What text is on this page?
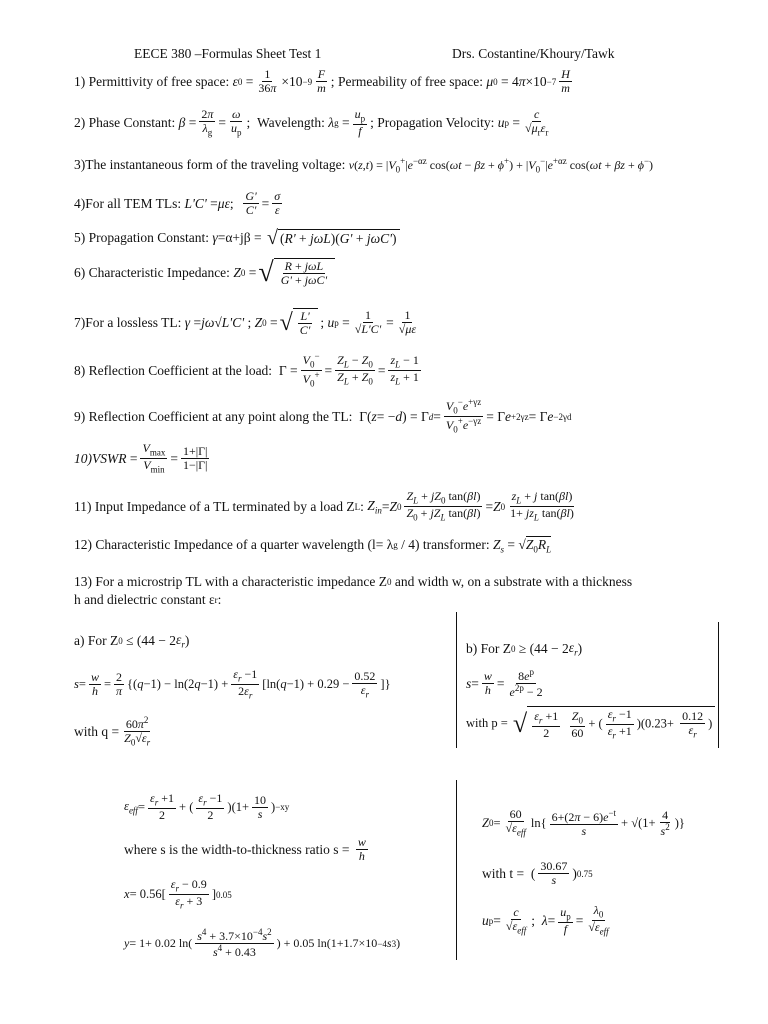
EECE 380 –Formulas Sheet Test 1	Drs. Costantine/Khoury/Tawk
1) Permittivity of free space:
ε $0 = \frac{1}{36\pi} \times 10 -9 \frac{F}{m}$ ; Permeability of free space:
μ 0 = 4 $\pi \times 10 -7 \frac{H}{m}$
2) Phase Constant:
$\beta = \frac{2\pi}{\lambda_g} = \frac{\omega}{u_p}$ ; Wavelength:
λ $g = \frac{u_p}{f}$ ; Propagation Velocity:
u $p = \frac{c}{√\mu_r\varepsilon_r}$
3)The instantaneous form of the traveling voltage:
$v(z,t) = |V_0^+|e^{-\alpha z}$ $\cos(\omega t - \beta z + \phi^+) + |V_0^-|e^{+\alpha z}$ cos(ωt + βz + ϕ−)
4)For all TEM TLs:
L'C' = με ; $\frac{G'}{C'} = \frac{\sigma}{\varepsilon}$
5) Propagation Constant:
γ =α+jβ = √ (R' + jωL)(G' + jωC')
6) Characteristic Impedance:
Z 0 = √ $\frac{\text{R + jωL}}{\text{G' + jωC'}}$
7)For a lossless TL:
γ = jω √ L'C' ; Z 0 = √ $\frac{L'}{C'}$ ; u $p = \frac{1}{√L'C'} = \frac{1}{√\mu\varepsilon}$
8) Reflection Coefficient at the load: $\Gamma = \frac{V_0^-}{V_0^+} = \frac{Z_L - Z_0}{Z_L + Z_0} = \frac{z_L - 1}{z_L + 1}$
9) Reflection Coefficient at any point along the TL: Γ( z = − d ) = Γ $d = \frac{V_0^-e^{+\gamma z}}{V_0^+e^{-\gamma z}} = \Gamma$ e +2γz = Γ e −2γd
10)VSWR = $\frac{V_{max}}{V_{min}} = \frac{1+|\Gamma|}{1-|\Gamma|}$
11) Input Impedance of a TL terminated by a load Z L : $Z_{in} = Z$ $0 \frac{Z_L + jZ_0 \tan(\beta l)}{Z_0 + jZ_L \tan(\beta l)} = Z$ $0 \frac{z_L + j \tan(\beta l)}{1+ jz_L \tan(\beta l)}$
12) Characteristic Impedance of a quarter wavelength (l= λ g
/ 4) transformer:
$Z_s$ = √ $Z_0R_L$
13) For a microstrip TL with a characteristic impedance Z 0
and width w, on a substrate with a thickness
h and dielectric constant ε r :
a) For Z 0 ≤ (44 − 2 $\varepsilon_r$ )
$s = \frac{w}{h} = \frac{2}{\pi}$ {( q −1) − ln(2 $q -1) + \frac{\varepsilon_r -1}{2\varepsilon_r} [\ln$( $q -1) + 0.29 - \frac{0.52}{\varepsilon_r}$ ]}
with $q = \frac{60\pi^2}{Z_0√\varepsilon_r}$
b) For Z 0 ≥ (44 − 2 $\varepsilon_r$ )
$s = \frac{w}{h} = \frac{8e^p}{e^{2p} - 2}$
with p =
√ $\frac{\varepsilon_r +1}{2}$
$\frac{Z_0}{60}$ + ( $\frac{\varepsilon_r -1}{\varepsilon_r +1} )(0.23+ \frac{0.12}{\varepsilon_r}$ )
$\varepsilon_{eff} = \frac{\varepsilon_r +1}{2}$ + ( $\frac{\varepsilon_r -1}{2} )(1+ \frac{10}{s}$ ) −xy
where s is the width-to-thickness ratio s =
$\frac{w}{h}$
$x = 0.56[ \frac{\varepsilon_r - 0.9}{\varepsilon_r + 3}$ ] 0.05
y = 1+ 0.02 $\ln( \frac{s^4 + 3.7\times 10^{-4}s^2}{s^4 + 0.43}$ ) + 0.05 ln(1+1.7×10 −4 s 3 )
Z $0 = \frac{60}{√\varepsilon_{eff}} \ln\{ \frac{6+(2\pi - 6)e^{-t}}{s} + √(1+ \frac{4}{s^2}$ )}
with t = ( $\frac{30.67}{s}$ ) 0.75
u $p = \frac{c}{√\varepsilon_{eff}}$ ; $\lambda = \frac{u_p}{f} = \frac{\lambda_0}{√\varepsilon_{eff}}$
